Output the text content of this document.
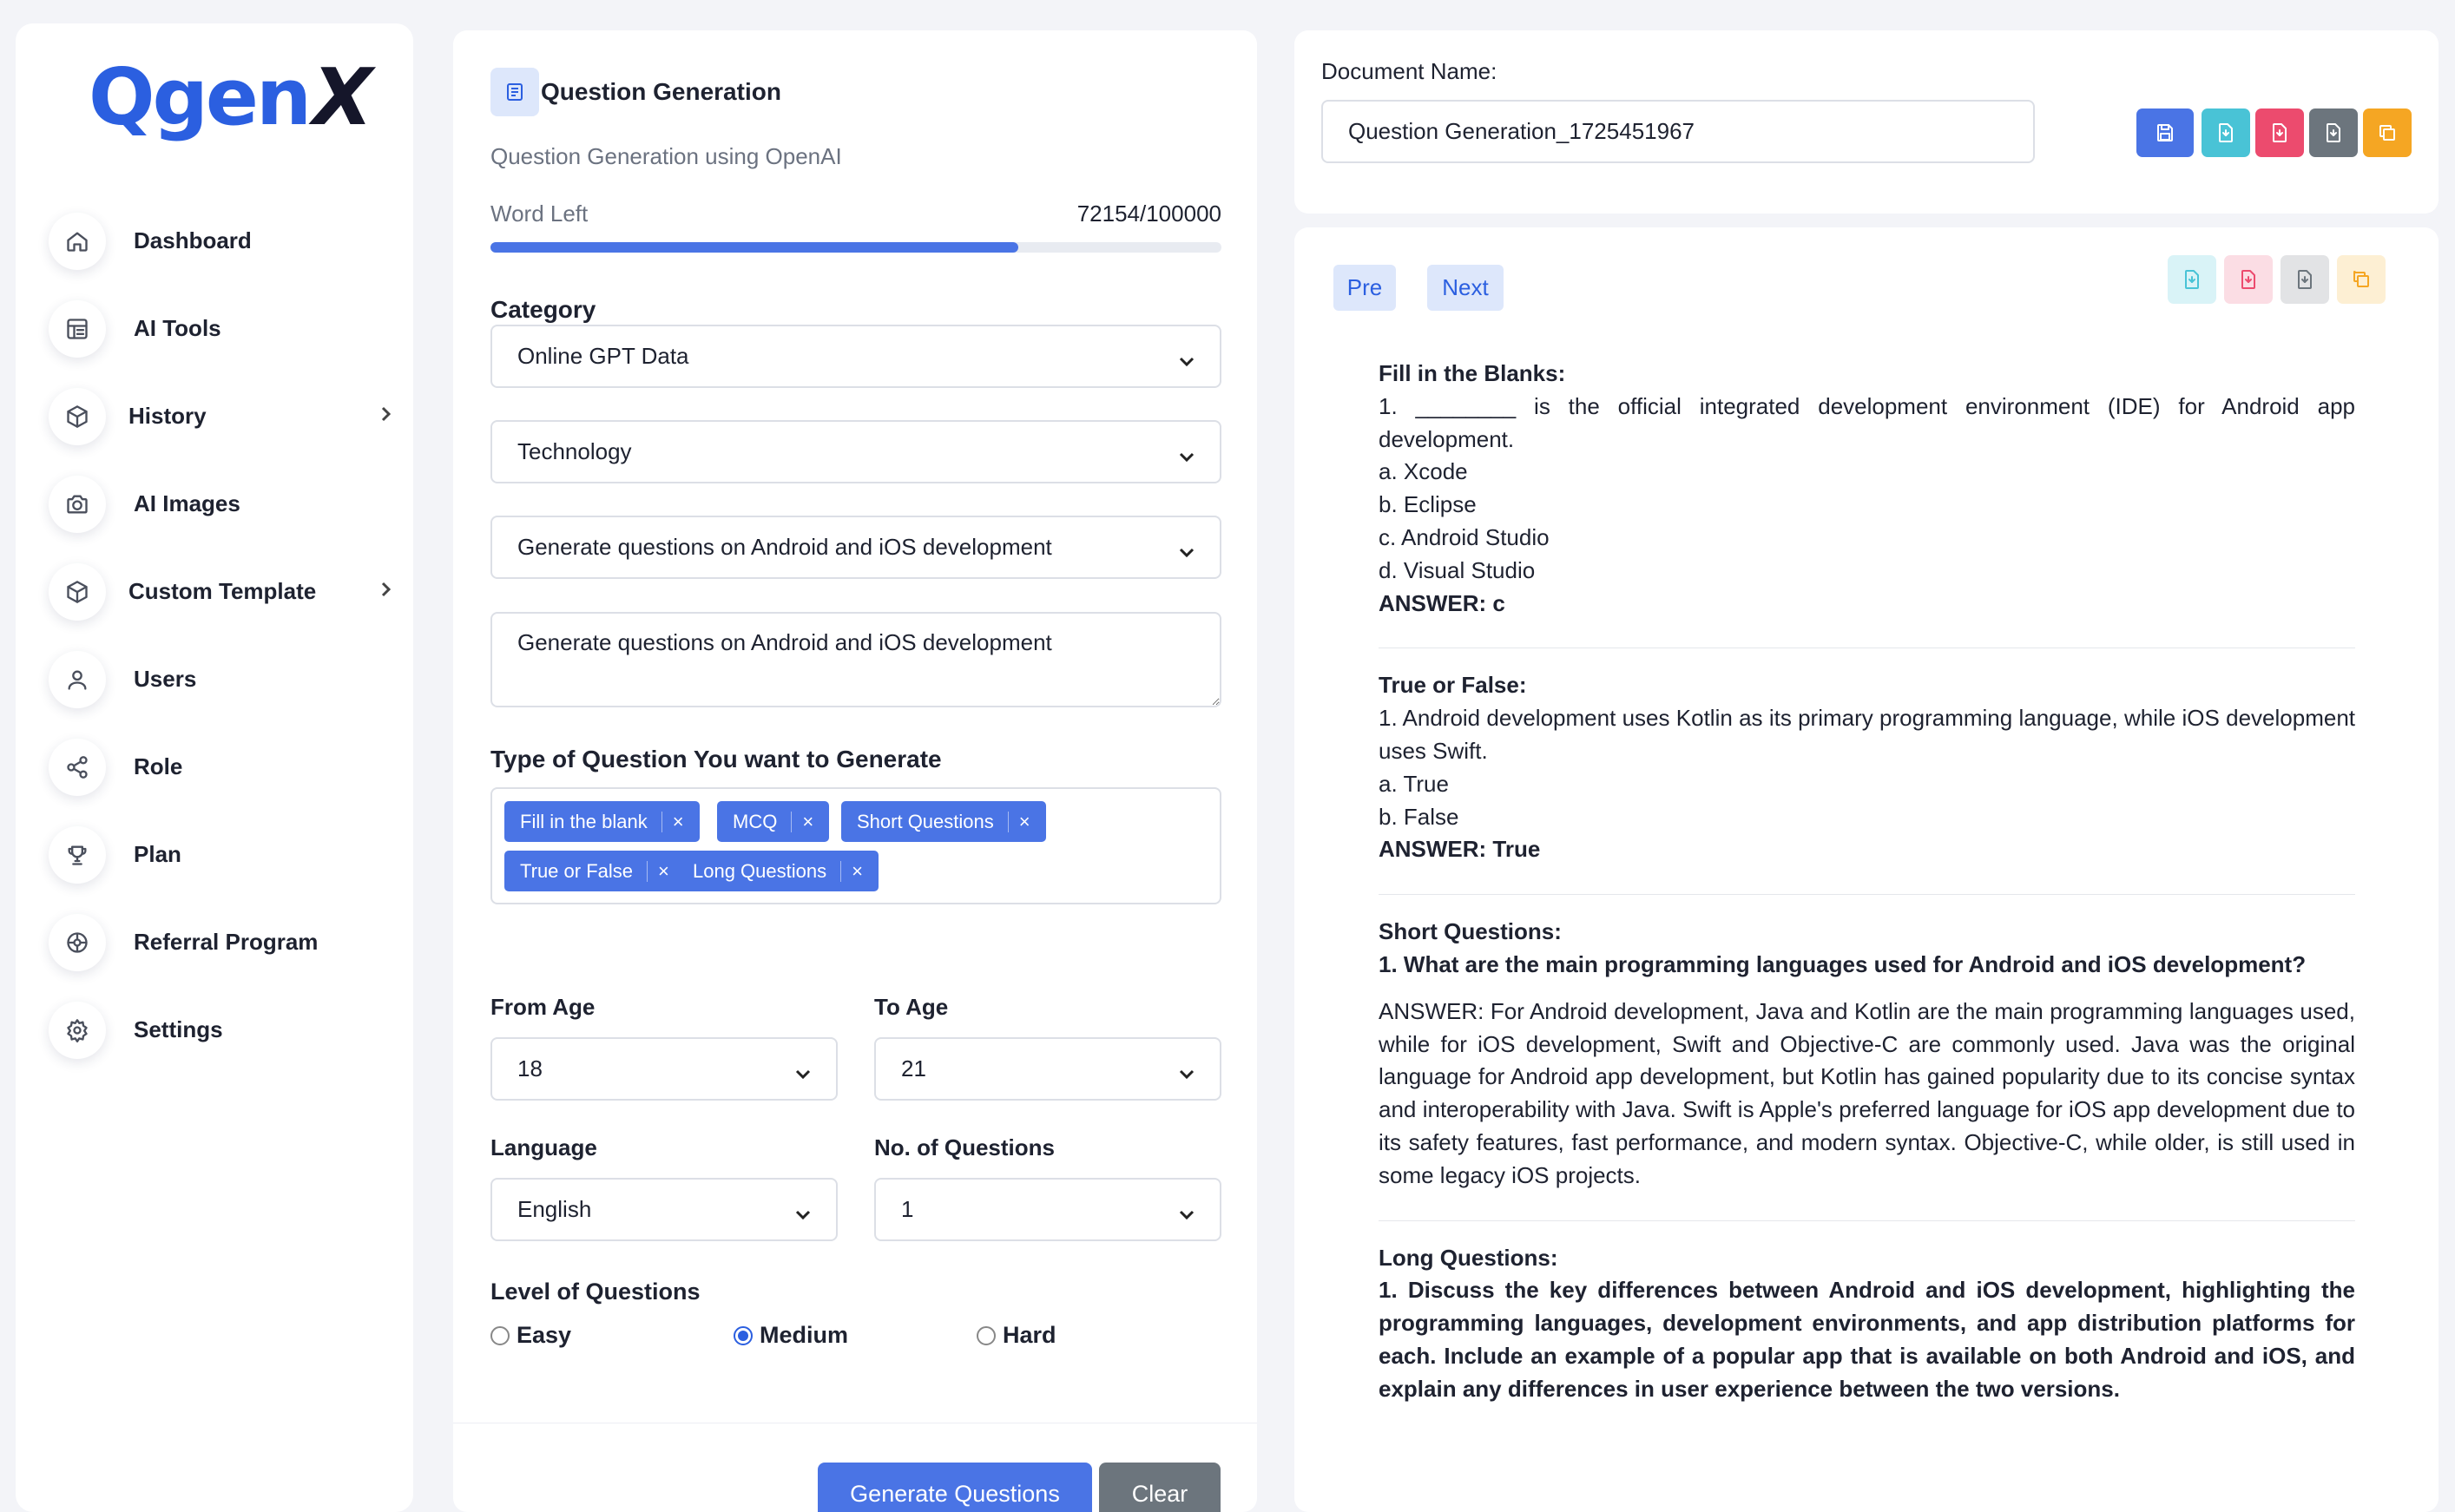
Qgen X
Dashboard
AI Tools
History
AI Images
Custom Template
Users
Role
Plan
Referral Program
Settings
Question Generation
Question Generation using OpenAI
Word Left	72154/100000
Category
Online GPT Data
Technology
Generate questions on Android and iOS development
Generate questions on Android and iOS development
Type of Question You want to Generate
Fill in the blank ×	MCQ × Short Questions ×
True or False × Long Questions ×
From Age
18
To Age
21
Language
English
No. of Questions
1
Level of Questions
Easy	Medium	Hard
Generate Questions	Clear
Document Name:
Question Generation_1725451967
Pre	Next
Fill in the Blanks:

1. ________ is the official integrated development environment (IDE) for Android app development.

a. Xcode
b. Eclipse
c. Android Studio
d. Visual Studio
ANSWER: c
True or False:

1. Android development uses Kotlin as its primary programming language, while iOS development uses Swift.

a. True
b. False
ANSWER: True
Short Questions:
1. What are the main programming languages used for Android and iOS development?

ANSWER: For Android development, Java and Kotlin are the main programming languages used, while for iOS development, Swift and Objective-C are commonly used. Java was the original language for Android app development, but Kotlin has gained popularity due to its concise syntax and interoperability with Java. Swift is Apple's preferred language for iOS app development due to its safety features, fast performance, and modern syntax. Objective-C, while older, is still used in some legacy iOS projects.

Long Questions:

1. Discuss the key differences between Android and iOS development, highlighting the programming languages, development environments, and app distribution platforms for each. Include an example of a popular app that is available on both Android and iOS, and explain any differences in user experience between the two versions.
